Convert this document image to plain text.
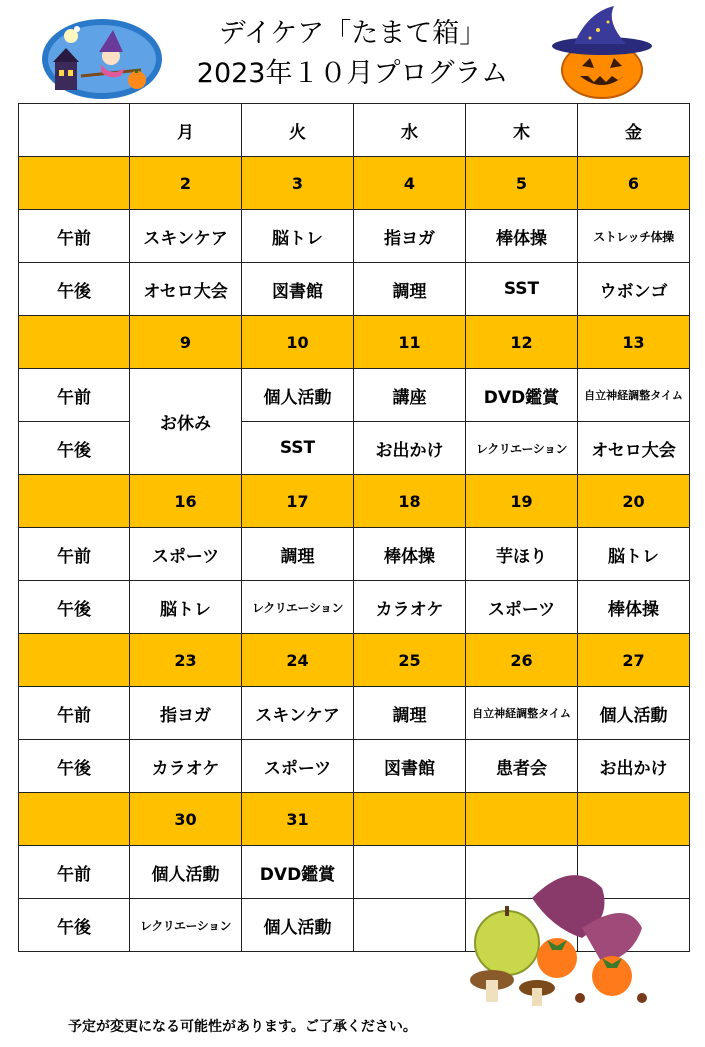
デイケア「たまて箱」
2023年１０月プログラム
	月	火	水	木	金
	2	3	4	5	6
午前	スキンケア	脳トレ	指ヨガ	棒体操	ストレッチ体操
午後	オセロ大会	図書館	調理	SST	ウボンゴ
	9	10	11	12	13
午前	お休み	個人活動	講座	DVD鑑賞	自立神経調整タイム
午後		SST	お出かけ	レクリエーション	オセロ大会
	16	17	18	19	20
午前	スポーツ	調理	棒体操	芋ほり	脳トレ
午後	脳トレ	レクリエーション	カラオケ	スポーツ	棒体操
	23	24	25	26	27
午前	指ヨガ	スキンケア	調理	自立神経調整タイム	個人活動
午後	カラオケ	スポーツ	図書館	患者会	お出かけ
	30	31			
午前	個人活動	DVD鑑賞			
午後	レクリエーション	個人活動			
予定が変更になる可能性があります。ご了承ください。
